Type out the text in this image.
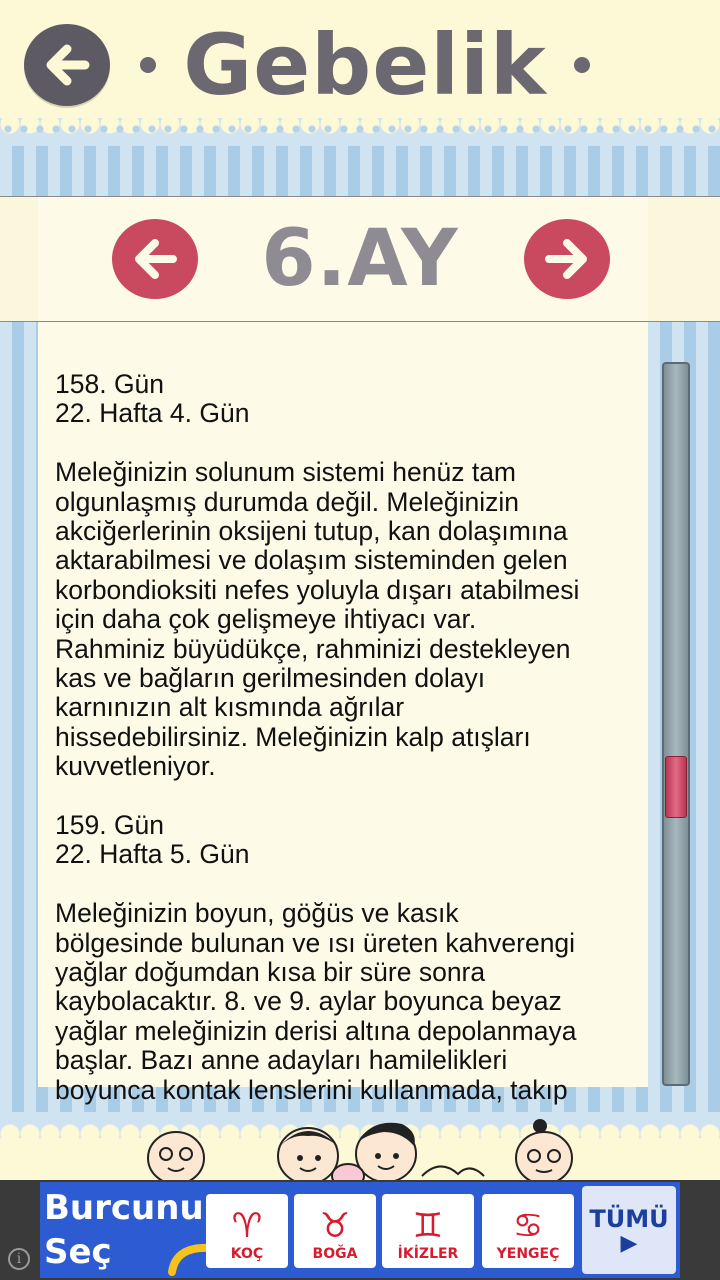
Gebelik
6.AY

158. Gün

22. Hafta 4. Gün

Meleğinizin solunum sistemi henüz tam

olgunlaşmış durumda değil. Meleğinizin

akciğerlerinin oksijeni tutup, kan dolaşımına

aktarabilmesi ve dolaşım sisteminden gelen

korbondioksiti nefes yoluyla dışarı atabilmesi

için daha çok gelişmeye ihtiyacı var.

Rahminiz büyüdükçe, rahminizi destekleyen

kas ve bağların gerilmesinden dolayı

karnınızın alt kısmında ağrılar

hissedebilirsiniz. Meleğinizin kalp atışları

kuvvetleniyor.

159. Gün

22. Hafta 5. Gün

Meleğinizin boyun, göğüs ve kasık

bölgesinde bulunan ve ısı üreten kahverengi

yağlar doğumdan kısa bir süre sonra

kaybolacaktır. 8. ve 9. aylar boyunca beyaz

yağlar meleğinizin derisi altına depolanmaya

başlar. Bazı anne adayları hamilelikleri

boyunca kontak lenslerini kullanmada, takıp

Burcunu
Seç
♈
KOÇ
♉
BOĞA
♊
İKİZLER
♋
YENGEÇ
TÜMÜ
▶
i
